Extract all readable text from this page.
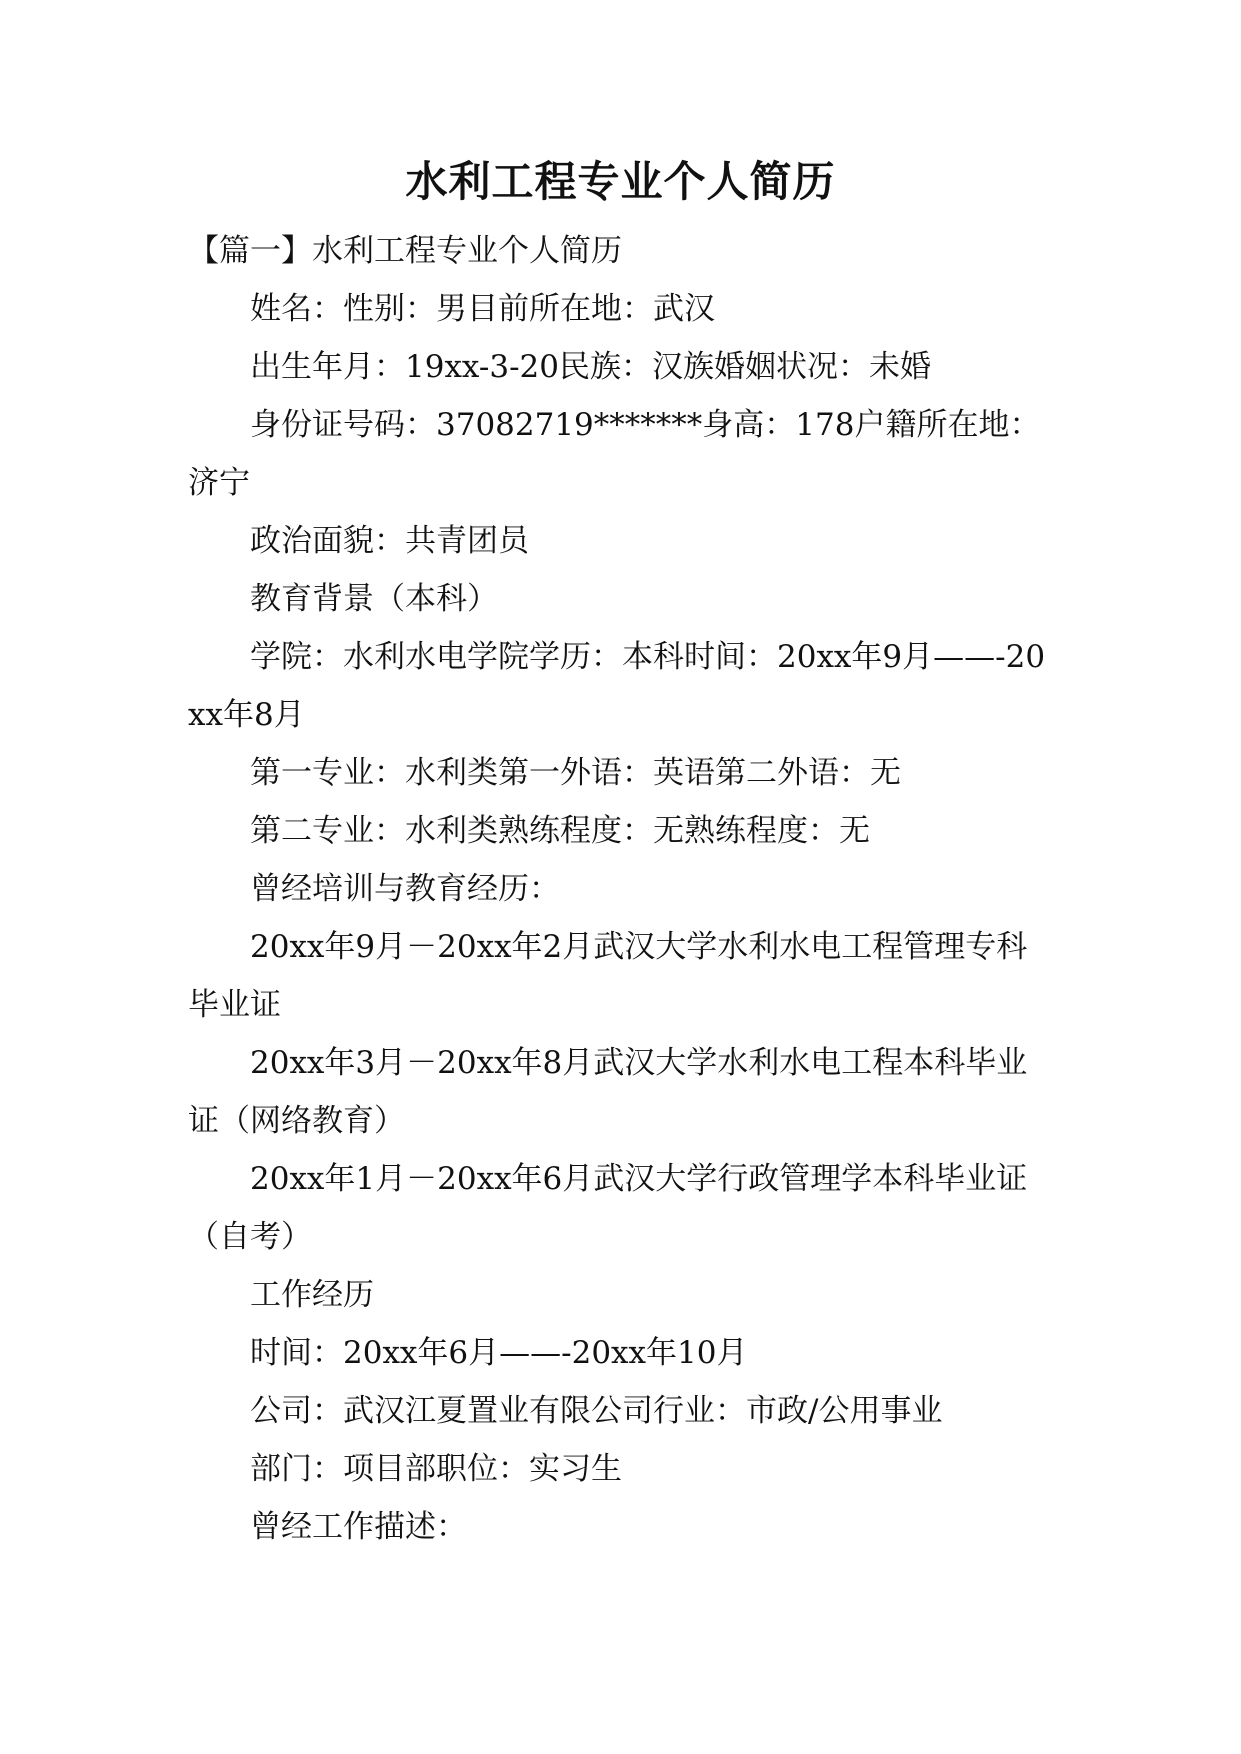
水利工程专业个人简历

【篇一】水利工程专业个人简历

姓名：性别：男目前所在地：武汉

出生年月：19xx-3-20民族：汉族婚姻状况：未婚

身份证号码：37082719*******身高：178户籍所在地：济宁

政治面貌：共青团员

教育背景（本科）

学院：水利水电学院学历：本科时间：20xx年9月——-20xx年8月

第一专业：水利类第一外语：英语第二外语：无

第二专业：水利类熟练程度：无熟练程度：无

曾经培训与教育经历：

20xx年9月－20xx年2月武汉大学水利水电工程管理专科毕业证

20xx年3月－20xx年8月武汉大学水利水电工程本科毕业证（网络教育）

20xx年1月－20xx年6月武汉大学行政管理学本科毕业证（自考）

工作经历

时间：20xx年6月——-20xx年10月

公司：武汉江夏置业有限公司行业：市政/公用事业

部门：项目部职位：实习生

曾经工作描述：
